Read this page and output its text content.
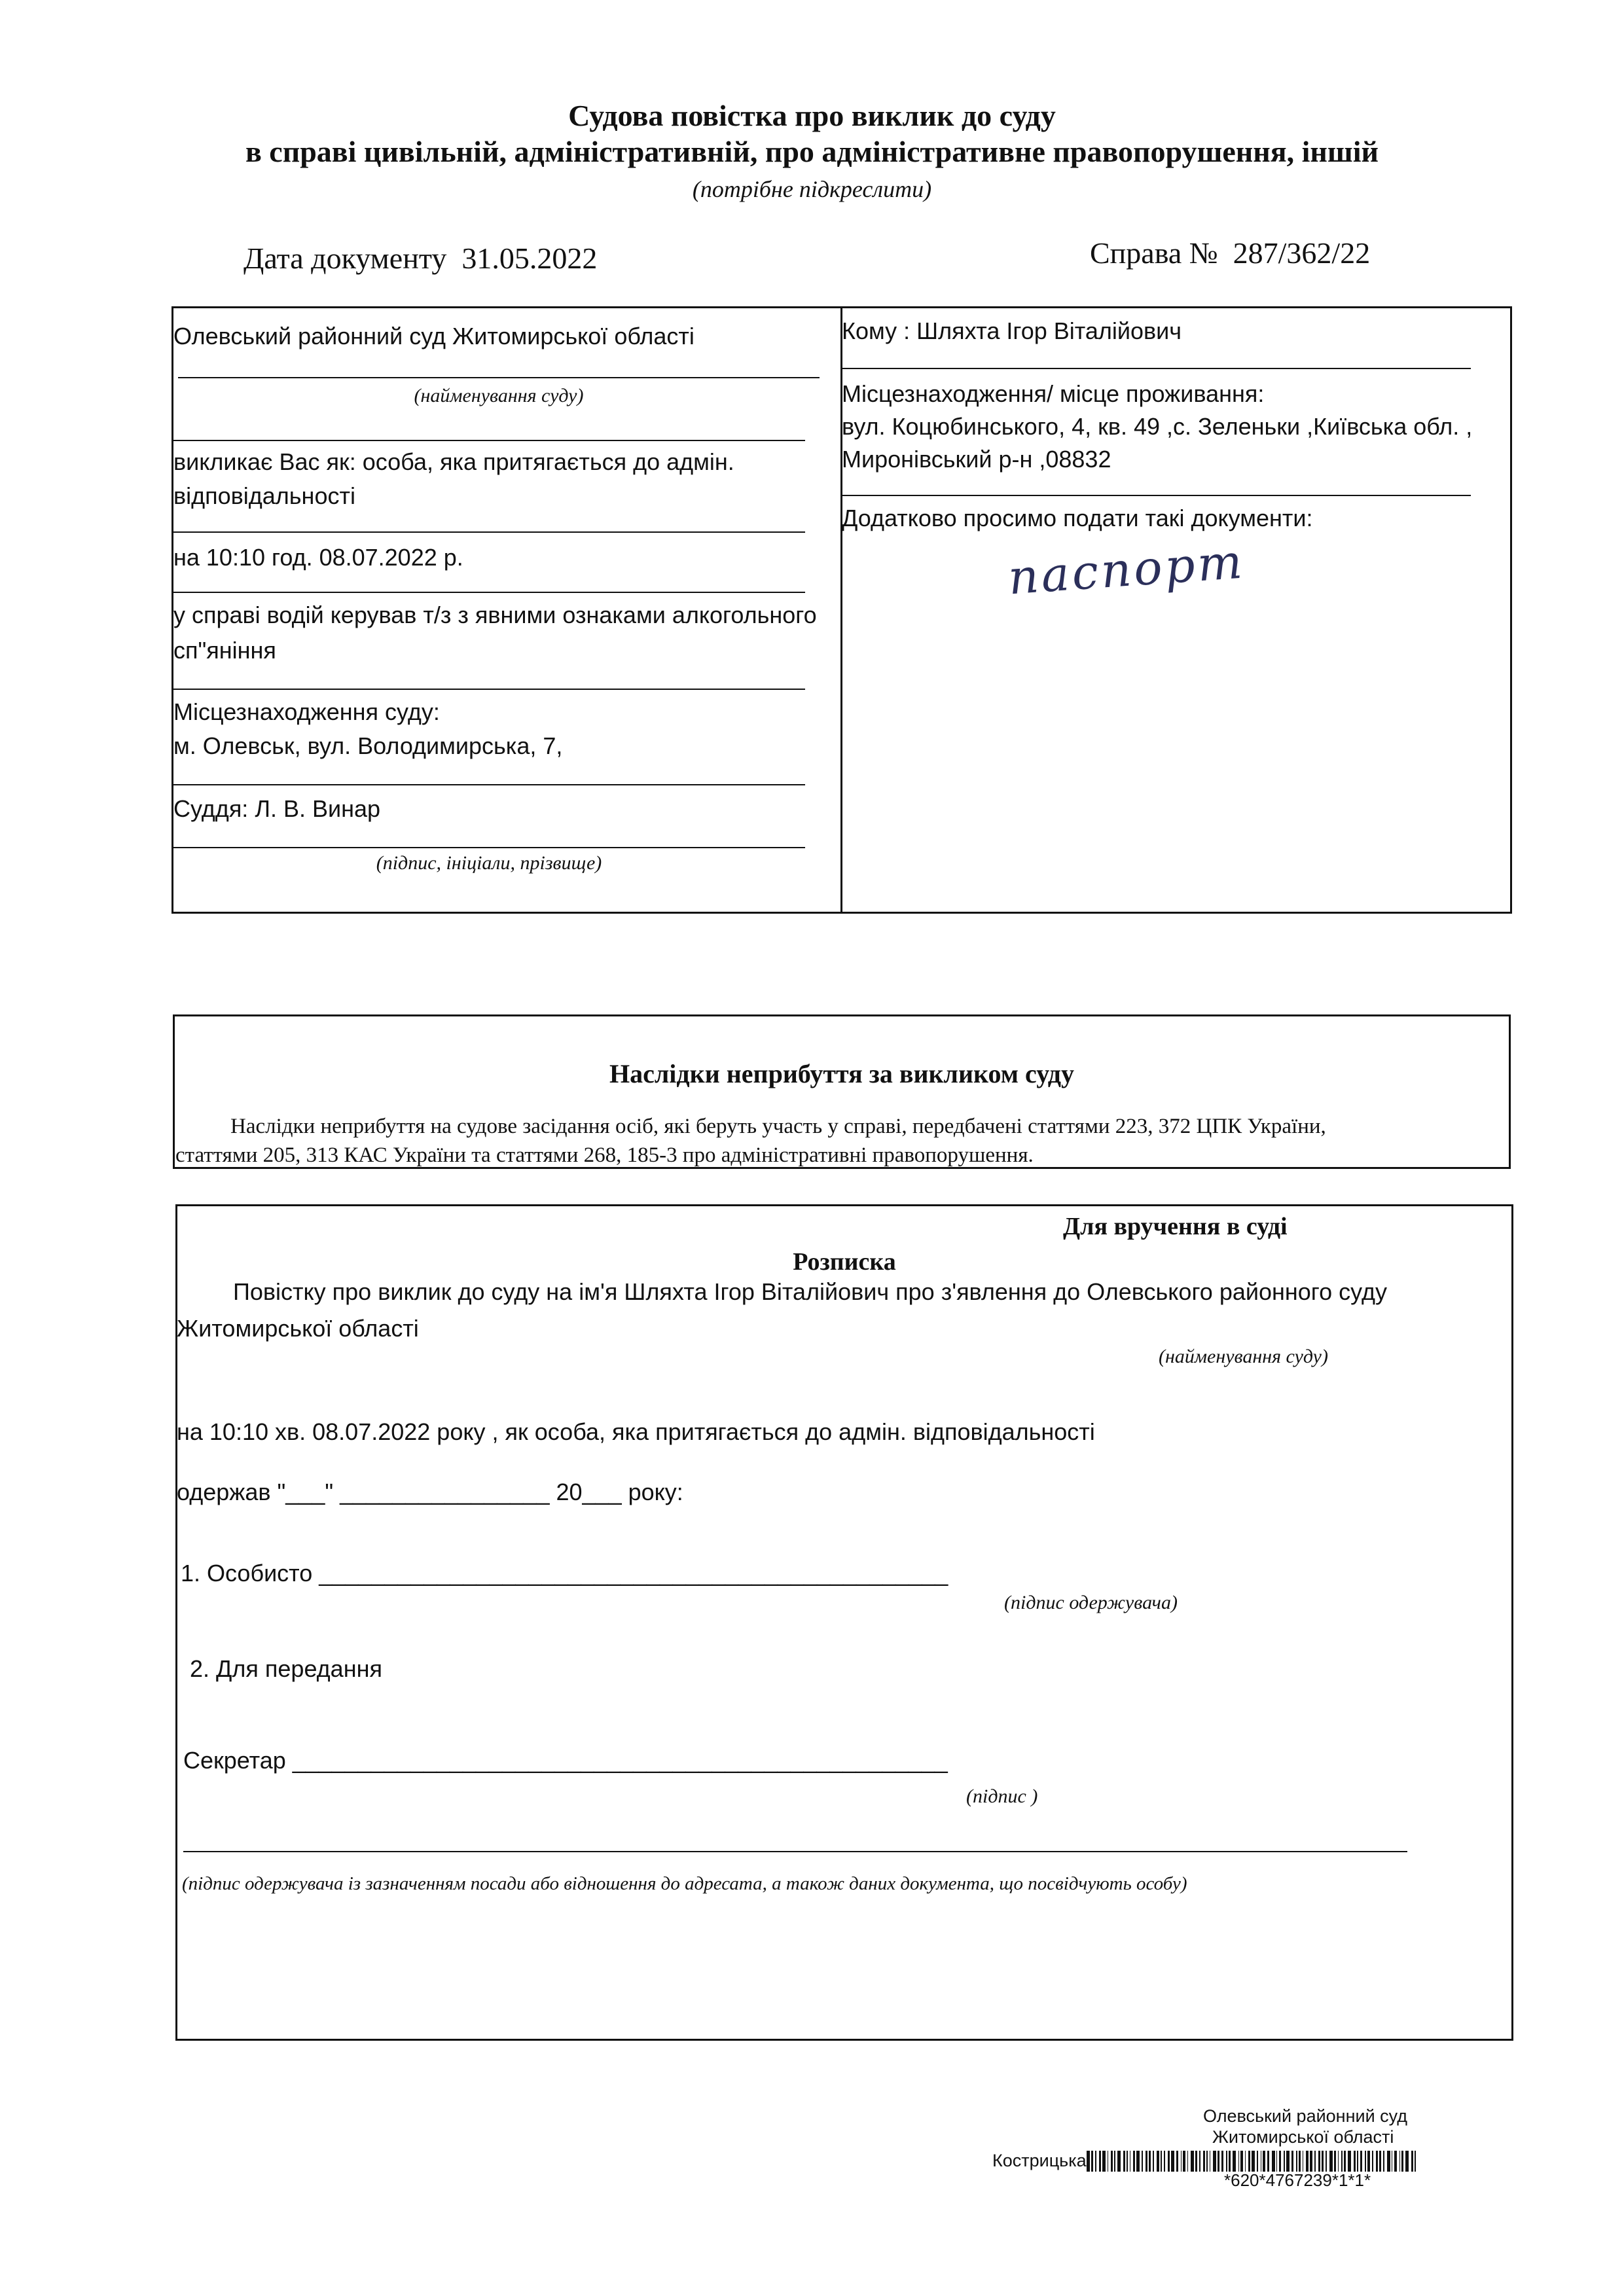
Судова повістка про виклик до суду
в справі цивільній, адміністративній, про адміністративне правопорушення, іншій
(потрібне підкреслити)
Дата документу 31.05.2022	Справа № 287/362/22
Олевський районний суд Житомирської області
(найменування суду)
викликає Вас як: особа, яка притягається до адмін.
відповідальності
на 10:10 год. 08.07.2022 р.
у справі водій керував т/з з явними ознаками алкогольного
сп"яніння
Місцезнаходження суду:
м. Олевськ, вул. Володимирська, 7,
Суддя: Л. В. Винар
(підпис, ініціали, прізвище)
Кому : Шляхта Ігор Віталійович
Місцезнаходження/ місце проживання:
вул. Коцюбинського, 4, кв. 49 ,с. Зеленьки ,Київська обл. ,
Миронівський р-н ,08832
Додатково просимо подати такі документи:
паспорт
Наслідки неприбуття за викликом суду
Наслідки неприбуття на судове засідання осіб, які беруть участь у справі, передбачені статтями 223, 372 ЦПК України,
статтями 205, 313 КАС України та статтями 268, 185-3 про адміністративні правопорушення.
Для вручення в суді
Розписка
Повістку про виклик до суду на ім'я Шляхта Ігор Віталійович про з'явлення до Олевського районного суду
Житомирської області
(найменування суду)
на 10:10 хв. 08.07.2022 року , як особа, яка притягається до адмін. відповідальності
одержав "___" ________________ 20___ року:
1. Особисто ________________________________________________
(підпис одержувача)
2. Для передання
Секретар __________________________________________________
(підпис )
(підпис одержувача із зазначенням посади або відношення до адресата, а також даних документа, що посвідчують особу)
Олевський районний суд
Житомирської області
Кострицька
*620*4767239*1*1*
